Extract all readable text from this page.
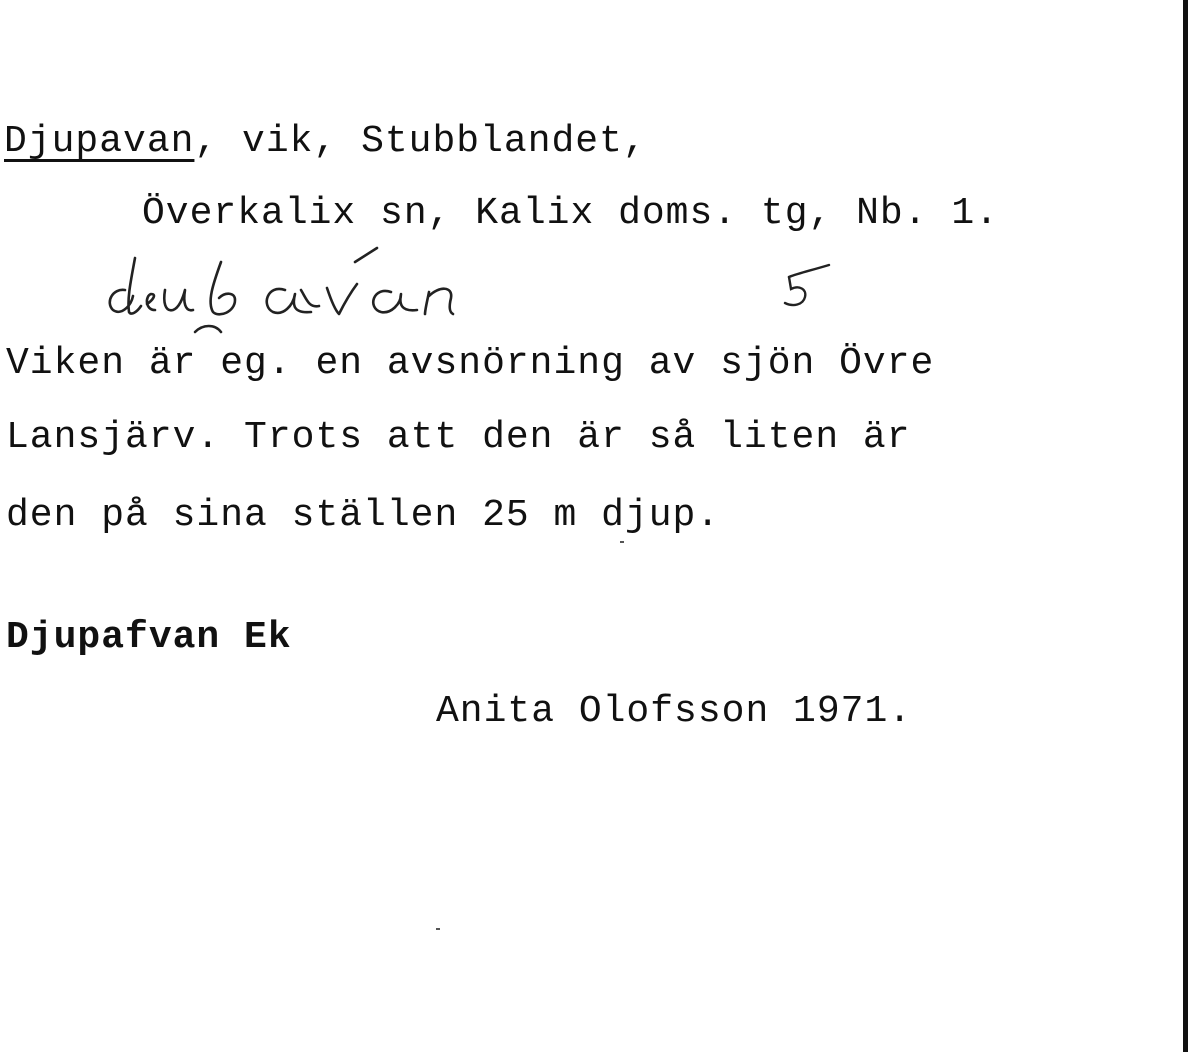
Djupavan, vik, Stubblandet,
Överkalix sn, Kalix doms. tg, Nb. 1.
Viken är eg. en avsnörning av sjön Övre
Lansjärv. Trots att den är så liten är
den på sina ställen 25 m djup.
Djupafvan Ek
Anita Olofsson 1971.
